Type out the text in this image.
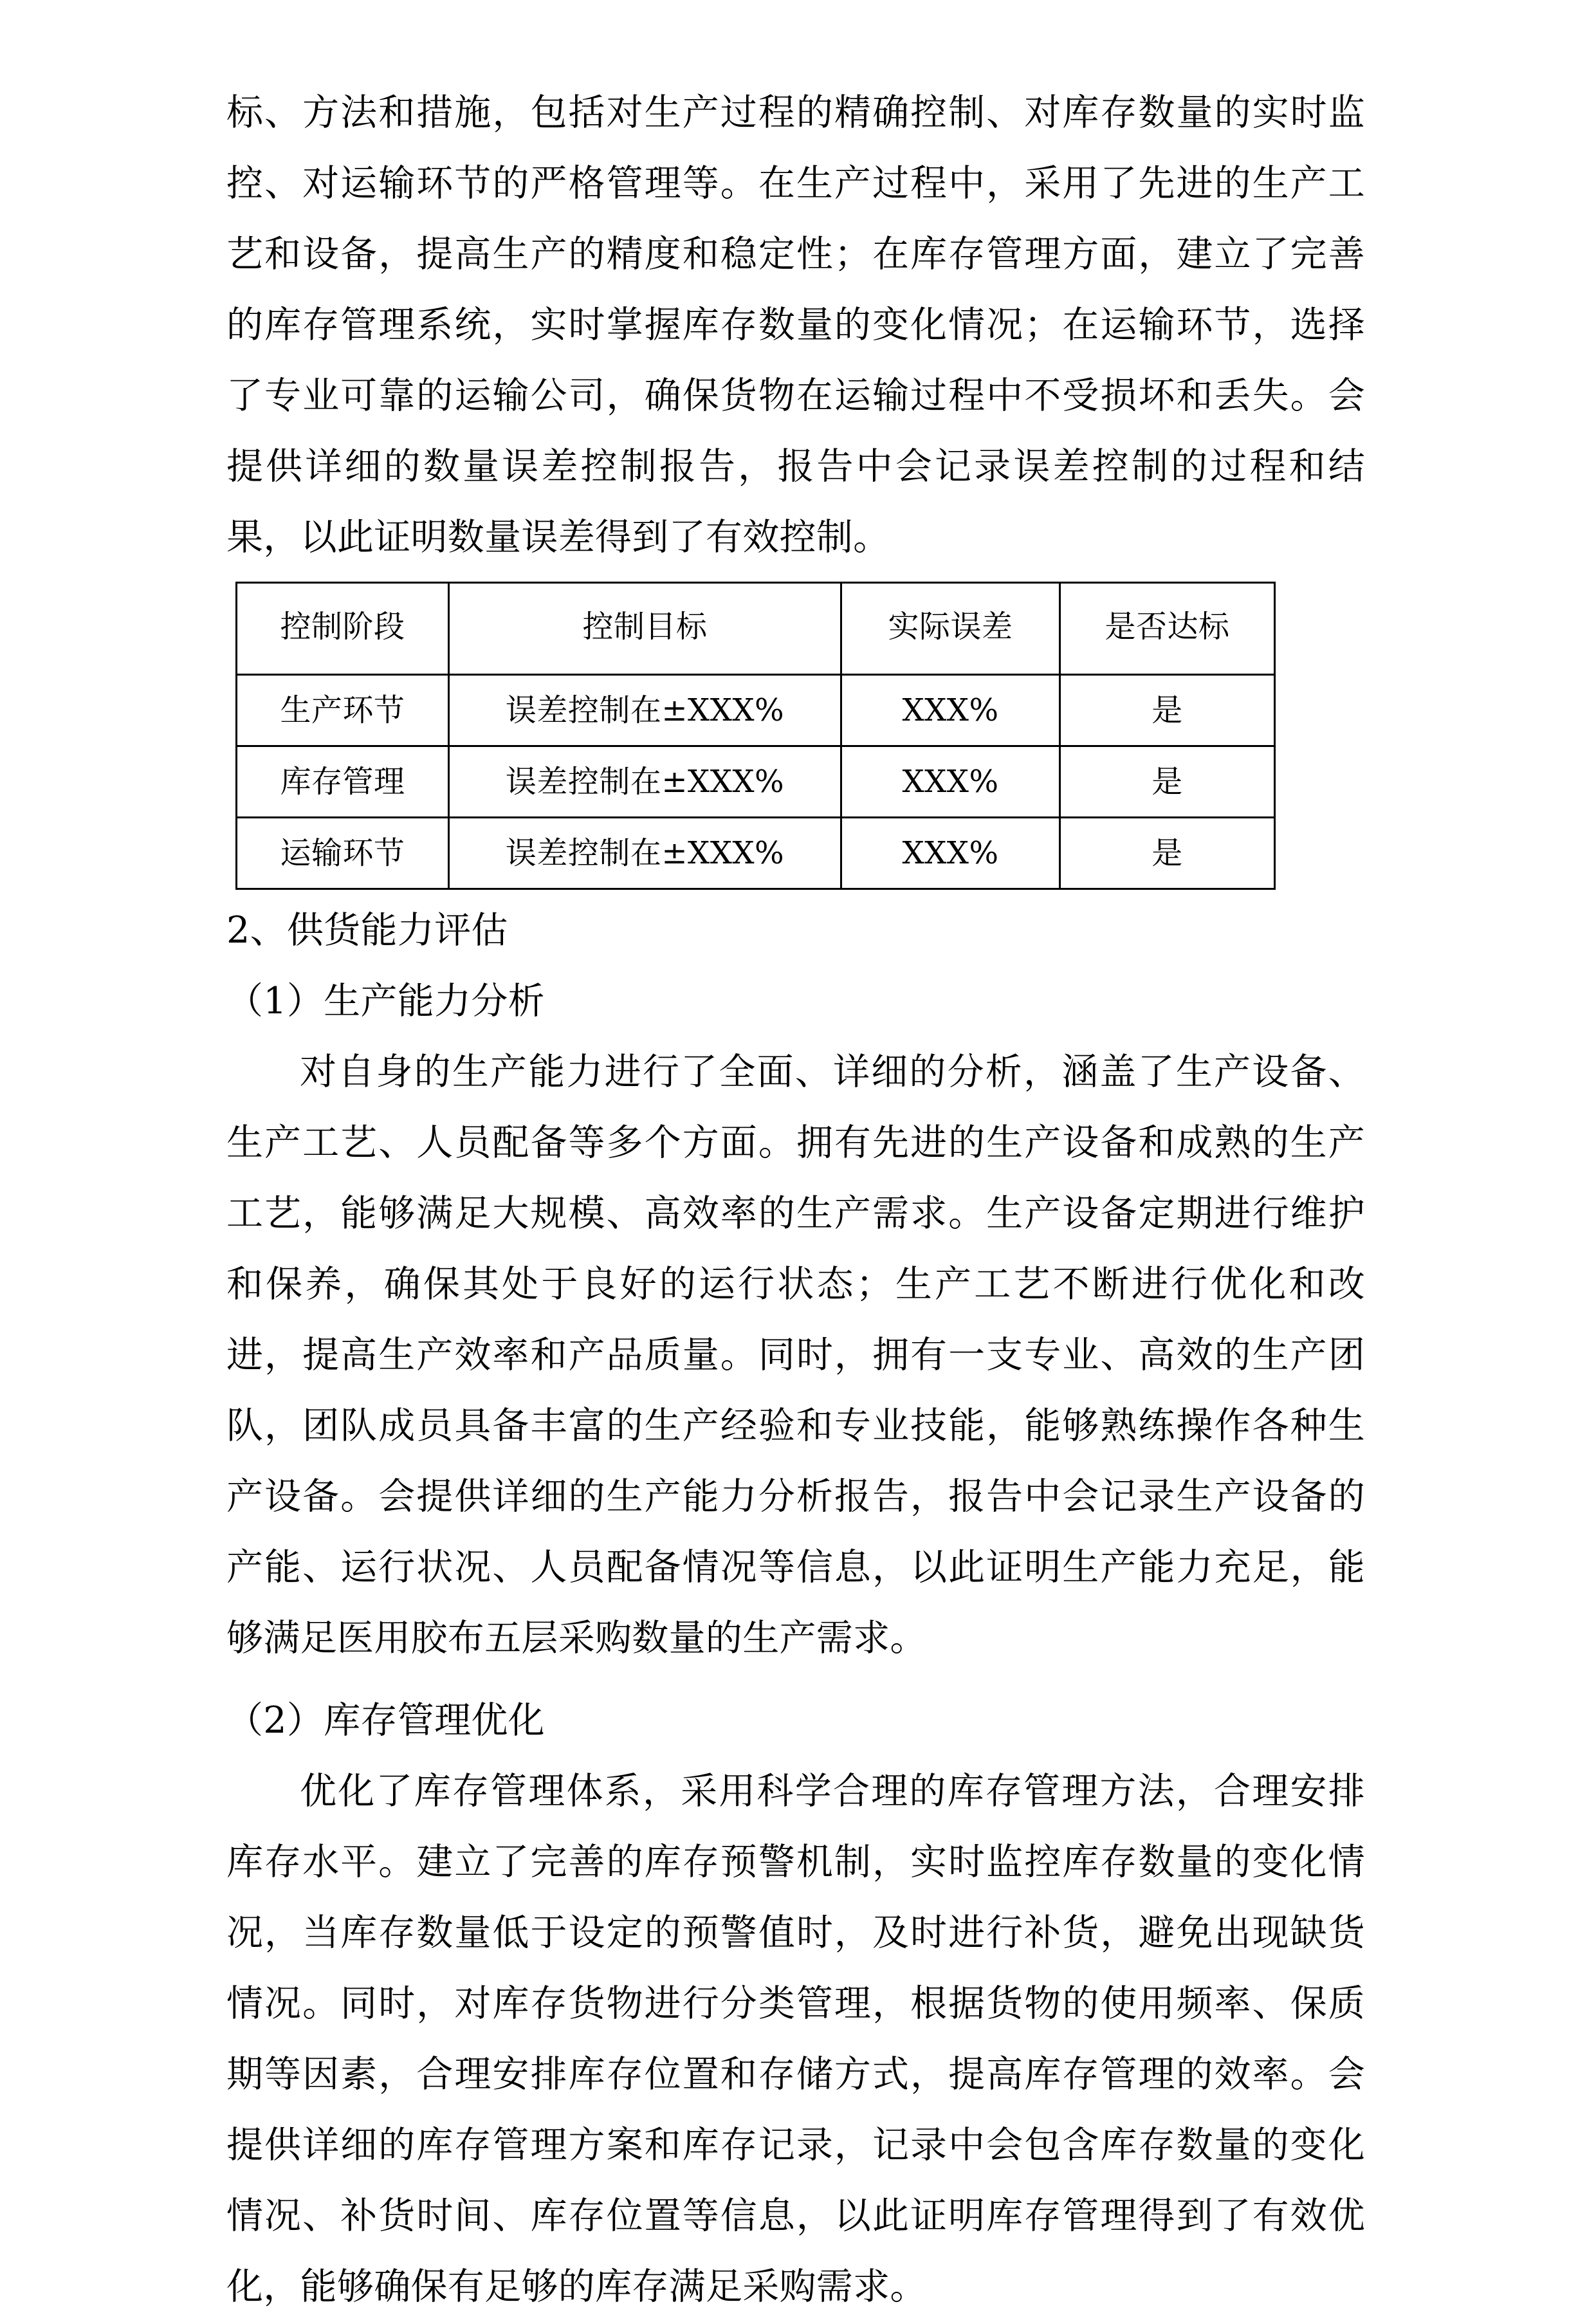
标、方法和措施，包括对生产过程的精确控制、对库存数量的实时监控、对运输环节的严格管理等。在生产过程中，采用了先进的生产工艺和设备，提高生产的精度和稳定性；在库存管理方面，建立了完善的库存管理系统，实时掌握库存数量的变化情况；在运输环节，选择了专业可靠的运输公司，确保货物在运输过程中不受损坏和丢失。会提供详细的数量误差控制报告，报告中会记录误差控制的过程和结果，以此证明数量误差得到了有效控制。

控制阶段	控制目标	实际误差	是否达标
生产环节	误差控制在±XXX%	XXX%	是
库存管理	误差控制在±XXX%	XXX%	是
运输环节	误差控制在±XXX%	XXX%	是

2、供货能力评估

（1）生产能力分析

对自身的生产能力进行了全面、详细的分析，涵盖了生产设备、生产工艺、人员配备等多个方面。拥有先进的生产设备和成熟的生产工艺，能够满足大规模、高效率的生产需求。生产设备定期进行维护和保养，确保其处于良好的运行状态；生产工艺不断进行优化和改进，提高生产效率和产品质量。同时，拥有一支专业、高效的生产团队，团队成员具备丰富的生产经验和专业技能，能够熟练操作各种生产设备。会提供详细的生产能力分析报告，报告中会记录生产设备的产能、运行状况、人员配备情况等信息，以此证明生产能力充足，能够满足医用胶布五层采购数量的生产需求。

（2）库存管理优化

优化了库存管理体系，采用科学合理的库存管理方法，合理安排库存水平。建立了完善的库存预警机制，实时监控库存数量的变化情况，当库存数量低于设定的预警值时，及时进行补货，避免出现缺货情况。同时，对库存货物进行分类管理，根据货物的使用频率、保质期等因素，合理安排库存位置和存储方式，提高库存管理的效率。会提供详细的库存管理方案和库存记录，记录中会包含库存数量的变化情况、补货时间、库存位置等信息，以此证明库存管理得到了有效优化，能够确保有足够的库存满足采购需求。
